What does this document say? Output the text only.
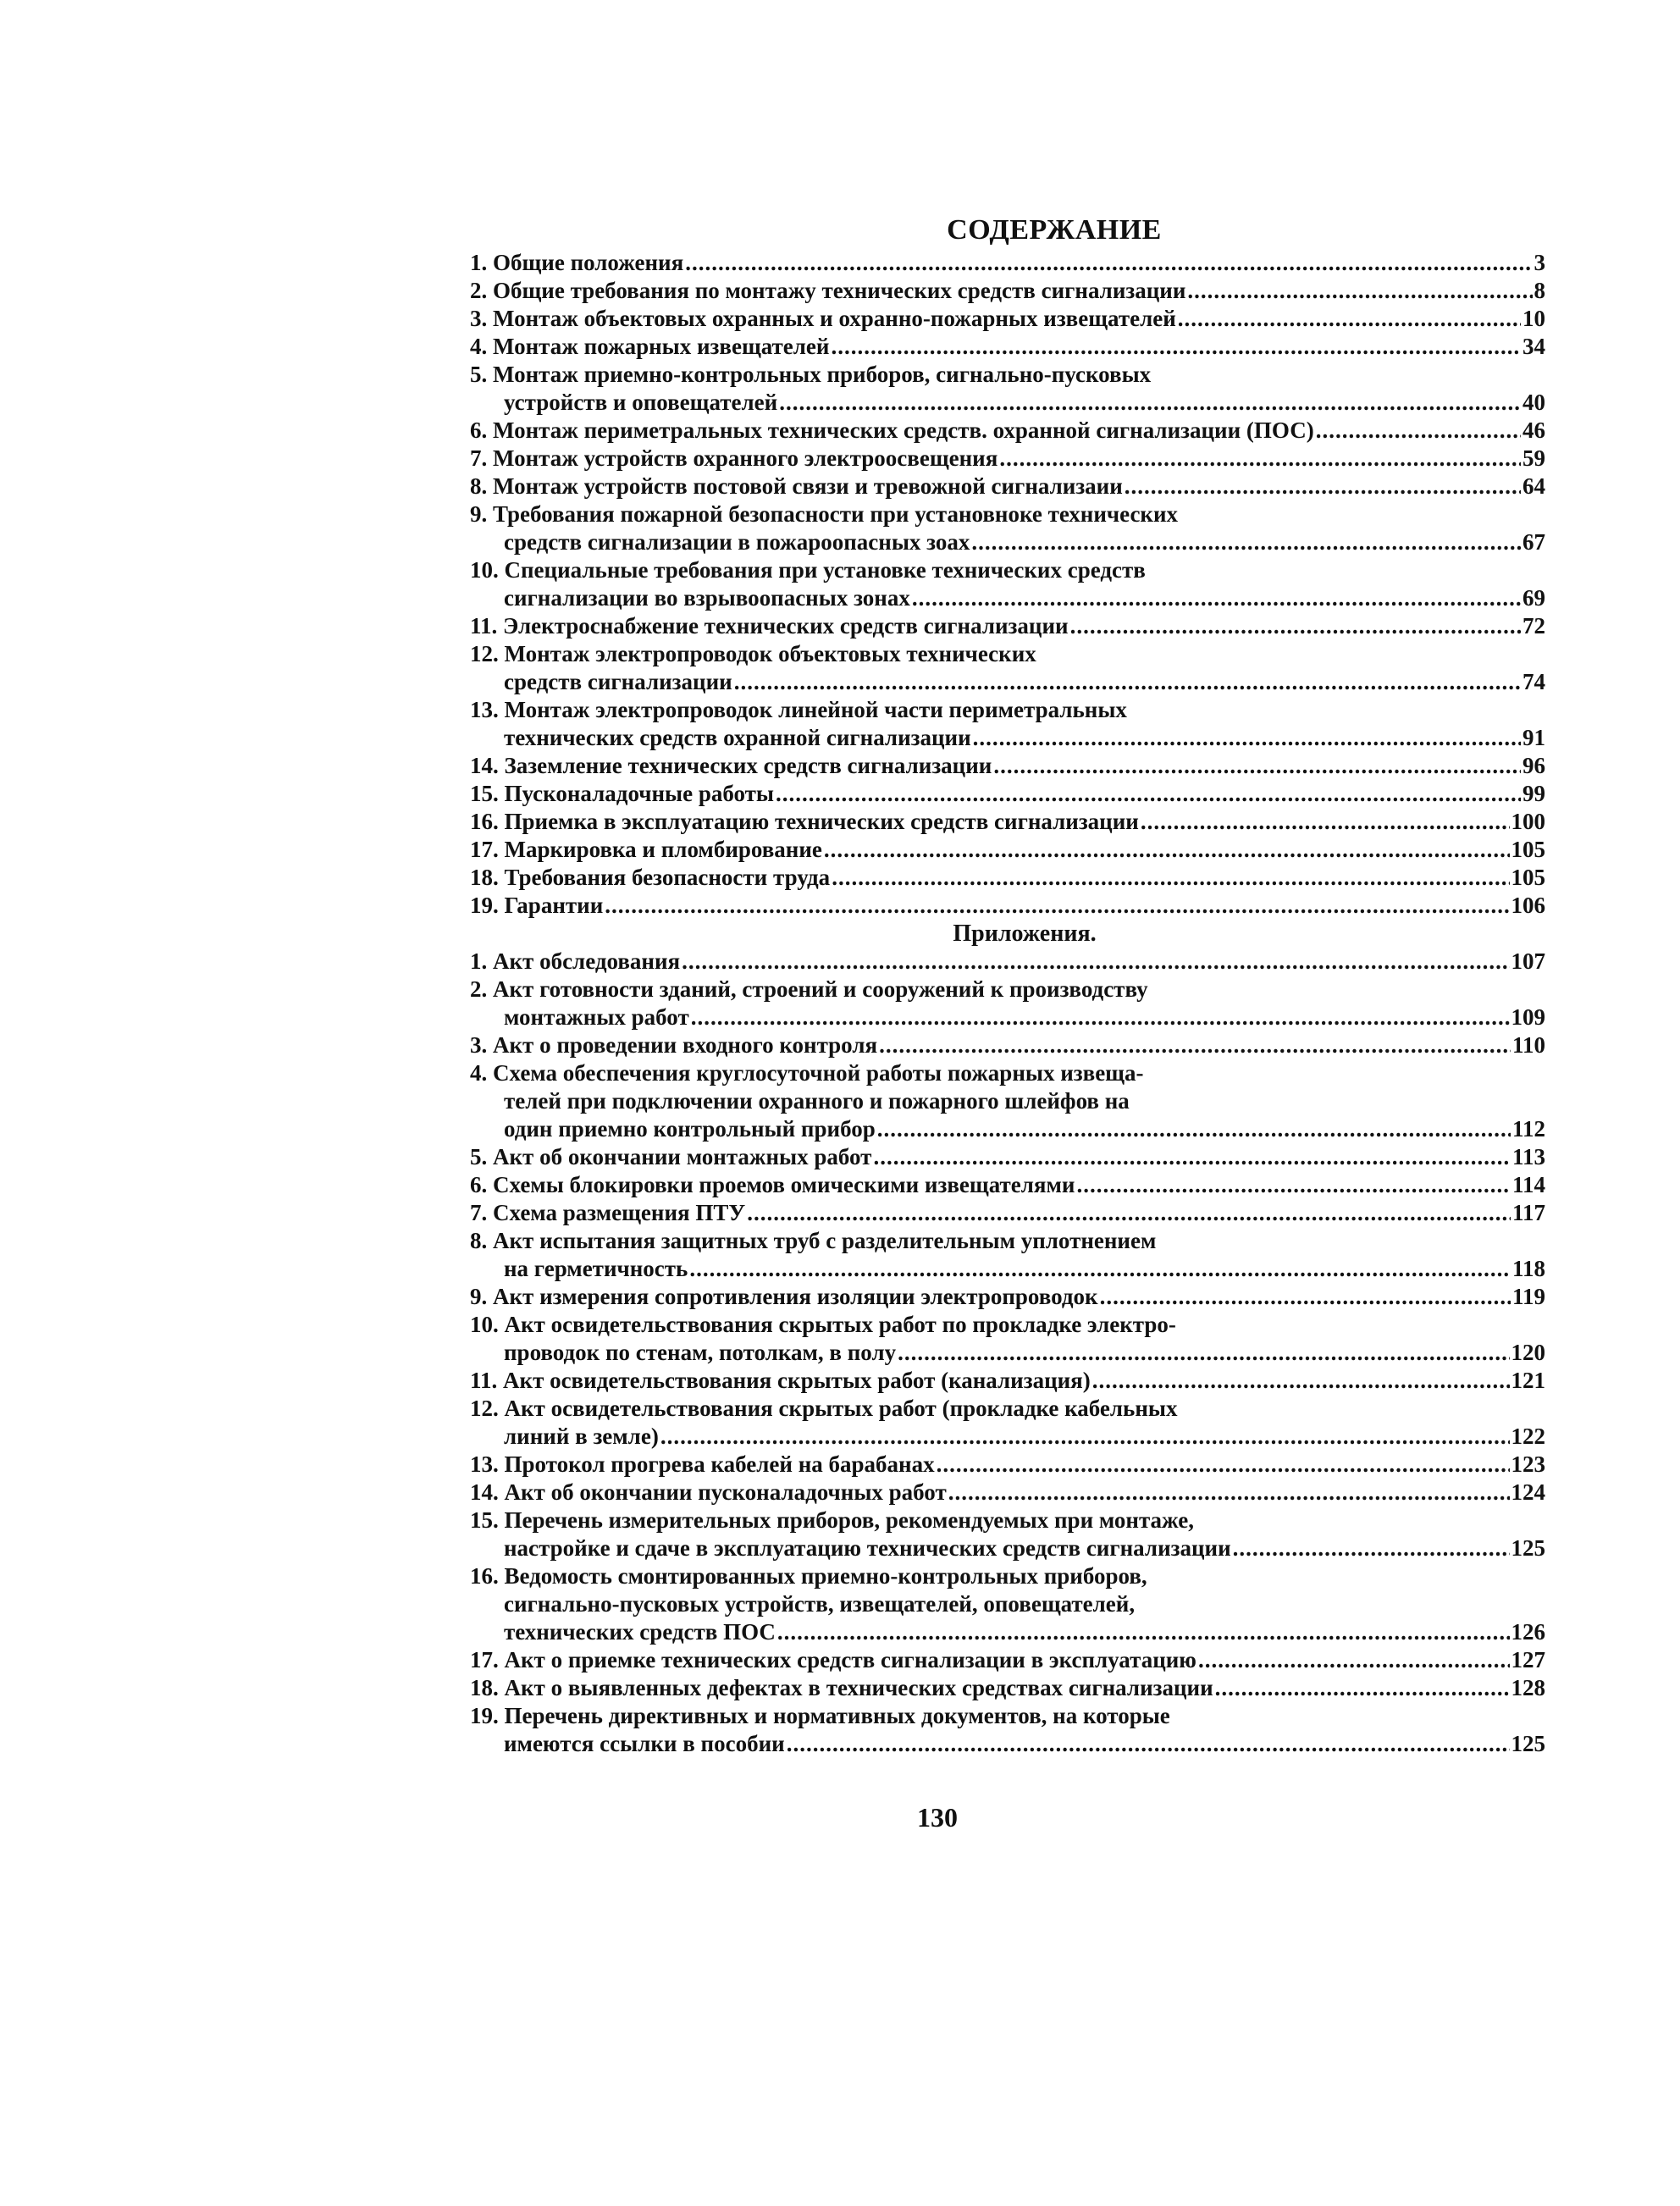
СОДЕРЖАНИЕ
1. Общие положения .....	3
2. Общие требования по монтажу технических средств сигнализации .....	8
3. Монтаж объектовых охранных и охранно-пожарных извещателей .....	10
4. Монтаж пожарных извещателей .....	34
5. Монтаж приемно-контрольных приборов, сигнально-пусковых
устройств и оповещателей .....	40
6. Монтаж периметральных технических средств. охранной сигнализации (ПОС) .....	46
7. Монтаж устройств охранного электроосвещения .....	59
8. Монтаж устройств постовой связи и тревожной сигнализаии .....	64
9. Требования пожарной безопасности при установноке технических
средств сигнализации в пожароопасных зоах .....	67
10. Специальные требования при установке технических средств
сигнализации во взрывоопасных зонах .....	69
11. Электроснабжение технических средств сигнализации .....	72
12. Монтаж электропроводок объектовых технических
средств сигнализации .....	74
13. Монтаж электропроводок линейной части периметральных
технических средств охранной сигнализации .....	91
14. Заземление технических средств сигнализации .....	96
15. Пусконаладочные работы .....	99
16. Приемка в эксплуатацию технических средств сигнализации .....	100
17. Маркировка и пломбирование .....	105
18. Требования безопасности труда .....	105
19. Гарантии .....	106
Приложения.
1. Акт обследования .....	107
2. Акт готовности зданий, строений и сооружений к производству
монтажных работ .....	109
3. Акт о проведении входного контроля .....	110
4. Схема обеспечения круглосуточной работы пожарных извеща-
телей при подключении охранного и пожарного шлейфов на
один приемно контрольный прибор .....	112
5. Акт об окончании монтажных работ .....	113
6. Схемы блокировки проемов омическими извещателями .....	114
7. Схема размещения ПТУ .....	117
8. Акт испытания защитных труб с разделительным уплотнением
на герметичность .....	118
9. Акт измерения сопротивления изоляции электропроводок .....	119
10. Акт освидетельствования скрытых работ по прокладке электро-
проводок по стенам, потолкам, в полу .....	120
11. Акт освидетельствования скрытых работ (канализация) .....	121
12. Акт освидетельствования скрытых работ (прокладке кабельных
линий в земле) .....	122
13. Протокол прогрева кабелей на барабанах .....	123
14. Акт об окончании пусконаладочных работ .....	124
15. Перечень измерительных приборов, рекомендуемых при монтаже,
настройке и сдаче в эксплуатацию технических средств сигнализации .....	125
16. Ведомость смонтированных приемно-контрольных приборов,
сигнально-пусковых устройств, извещателей, оповещателей,
технических средств ПОС .....	126
17. Акт о приемке технических средств сигнализации в эксплуатацию .....	127
18. Акт о выявленных дефектах в технических средствах сигнализации .....	128
19. Перечень директивных и нормативных документов, на которые
имеются ссылки в пособии .....	125
130
